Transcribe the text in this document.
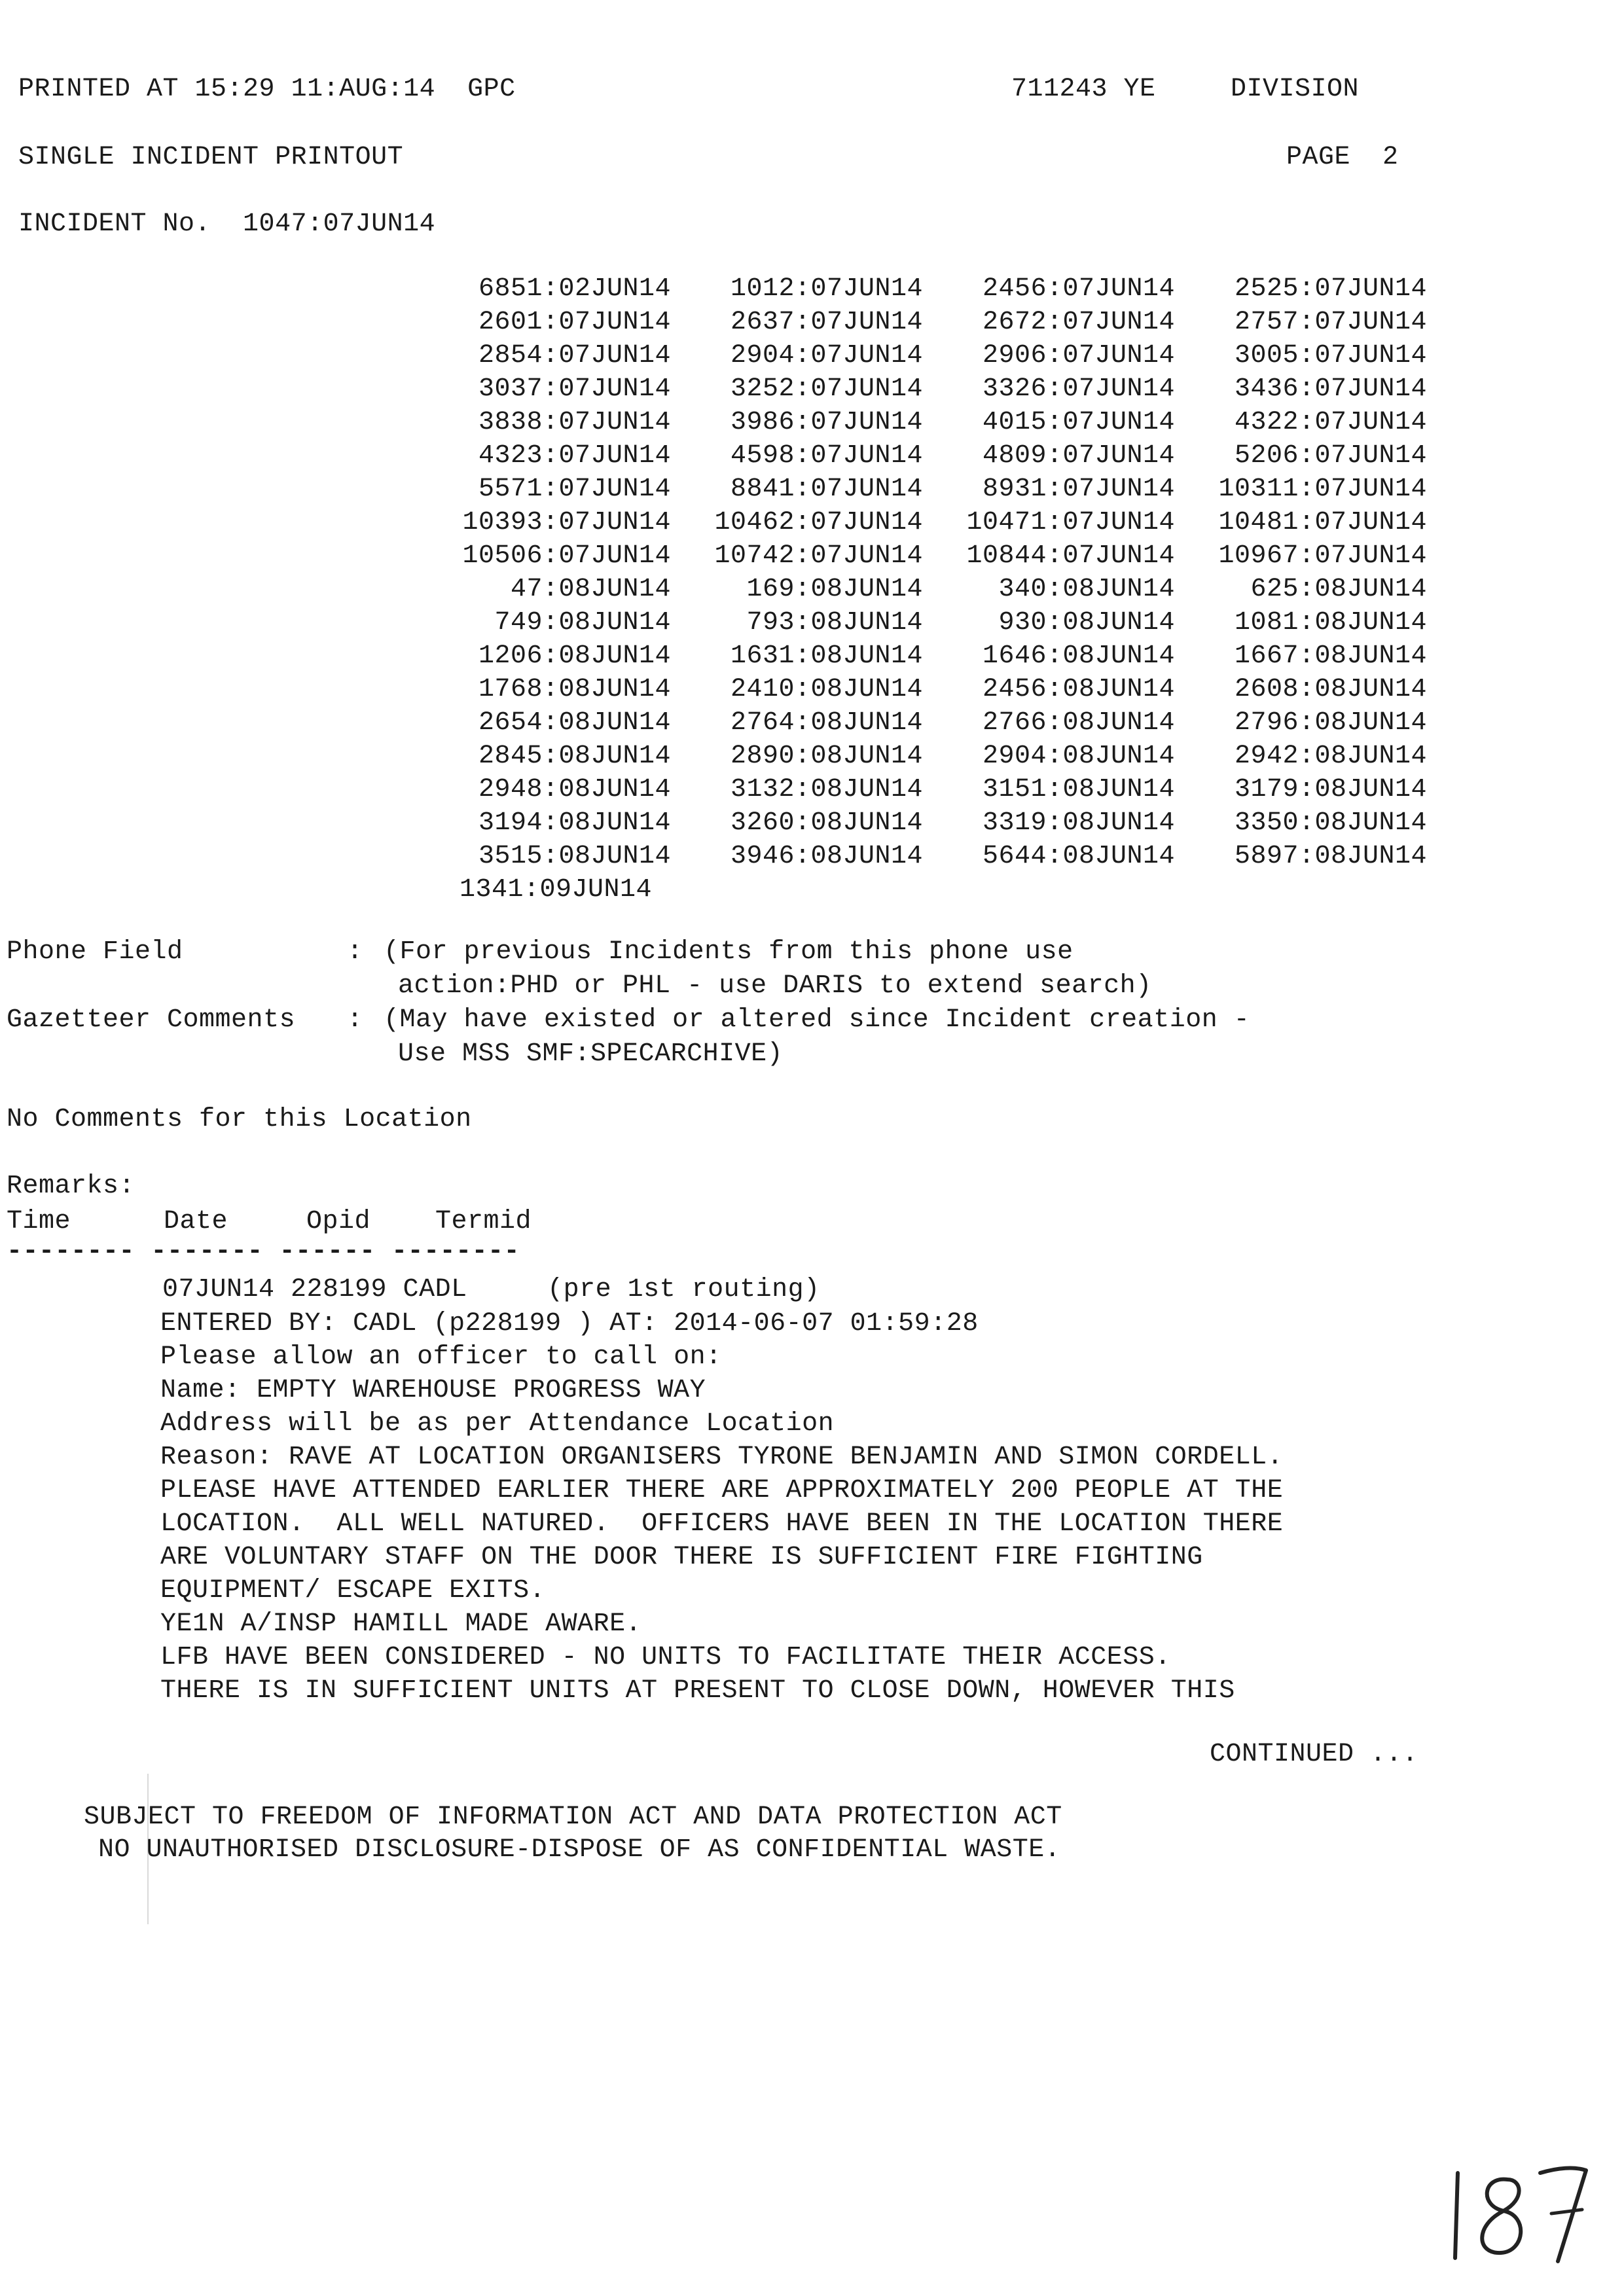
PRINTED AT 15:29 11:AUG:14  GPC	711243 YE	DIVISION
SINGLE INCIDENT PRINTOUT	PAGE  2
INCIDENT No.  1047:07JUN14
6851:02JUN14	1012:07JUN14	2456:07JUN14	2525:07JUN14
2601:07JUN14	2637:07JUN14	2672:07JUN14	2757:07JUN14
2854:07JUN14	2904:07JUN14	2906:07JUN14	3005:07JUN14
3037:07JUN14	3252:07JUN14	3326:07JUN14	3436:07JUN14
3838:07JUN14	3986:07JUN14	4015:07JUN14	4322:07JUN14
4323:07JUN14	4598:07JUN14	4809:07JUN14	5206:07JUN14
5571:07JUN14	8841:07JUN14	8931:07JUN14	10311:07JUN14
10393:07JUN14	10462:07JUN14	10471:07JUN14	10481:07JUN14
10506:07JUN14	10742:07JUN14	10844:07JUN14	10967:07JUN14
47:08JUN14	169:08JUN14	340:08JUN14	625:08JUN14
749:08JUN14	793:08JUN14	930:08JUN14	1081:08JUN14
1206:08JUN14	1631:08JUN14	1646:08JUN14	1667:08JUN14
1768:08JUN14	2410:08JUN14	2456:08JUN14	2608:08JUN14
2654:08JUN14	2764:08JUN14	2766:08JUN14	2796:08JUN14
2845:08JUN14	2890:08JUN14	2904:08JUN14	2942:08JUN14
2948:08JUN14	3132:08JUN14	3151:08JUN14	3179:08JUN14
3194:08JUN14	3260:08JUN14	3319:08JUN14	3350:08JUN14
3515:08JUN14	3946:08JUN14	5644:08JUN14	5897:08JUN14
1341:09JUN14
Phone Field	: (For previous Incidents from this phone use
action:PHD or PHL - use DARIS to extend search)
Gazetteer Comments : (May have existed or altered since Incident creation -
Use MSS SMF:SPECARCHIVE)
No Comments for this Location
Remarks:
Time	Date	Opid Termid
-------- ------- ------ --------
07JUN14 228199 CADL     (pre 1st routing)
ENTERED BY: CADL (p228199 ) AT: 2014-06-07 01:59:28
Please allow an officer to call on:
Name: EMPTY WAREHOUSE PROGRESS WAY
Address will be as per Attendance Location
Reason: RAVE AT LOCATION ORGANISERS TYRONE BENJAMIN AND SIMON CORDELL.
PLEASE HAVE ATTENDED EARLIER THERE ARE APPROXIMATELY 200 PEOPLE AT THE
LOCATION.  ALL WELL NATURED.  OFFICERS HAVE BEEN IN THE LOCATION THERE
ARE VOLUNTARY STAFF ON THE DOOR THERE IS SUFFICIENT FIRE FIGHTING
EQUIPMENT/ ESCAPE EXITS.
YE1N A/INSP HAMILL MADE AWARE.
LFB HAVE BEEN CONSIDERED - NO UNITS TO FACILITATE THEIR ACCESS.
THERE IS IN SUFFICIENT UNITS AT PRESENT TO CLOSE DOWN, HOWEVER THIS
CONTINUED ...
SUBJECT TO FREEDOM OF INFORMATION ACT AND DATA PROTECTION ACT
NO UNAUTHORISED DISCLOSURE-DISPOSE OF AS CONFIDENTIAL WASTE.
